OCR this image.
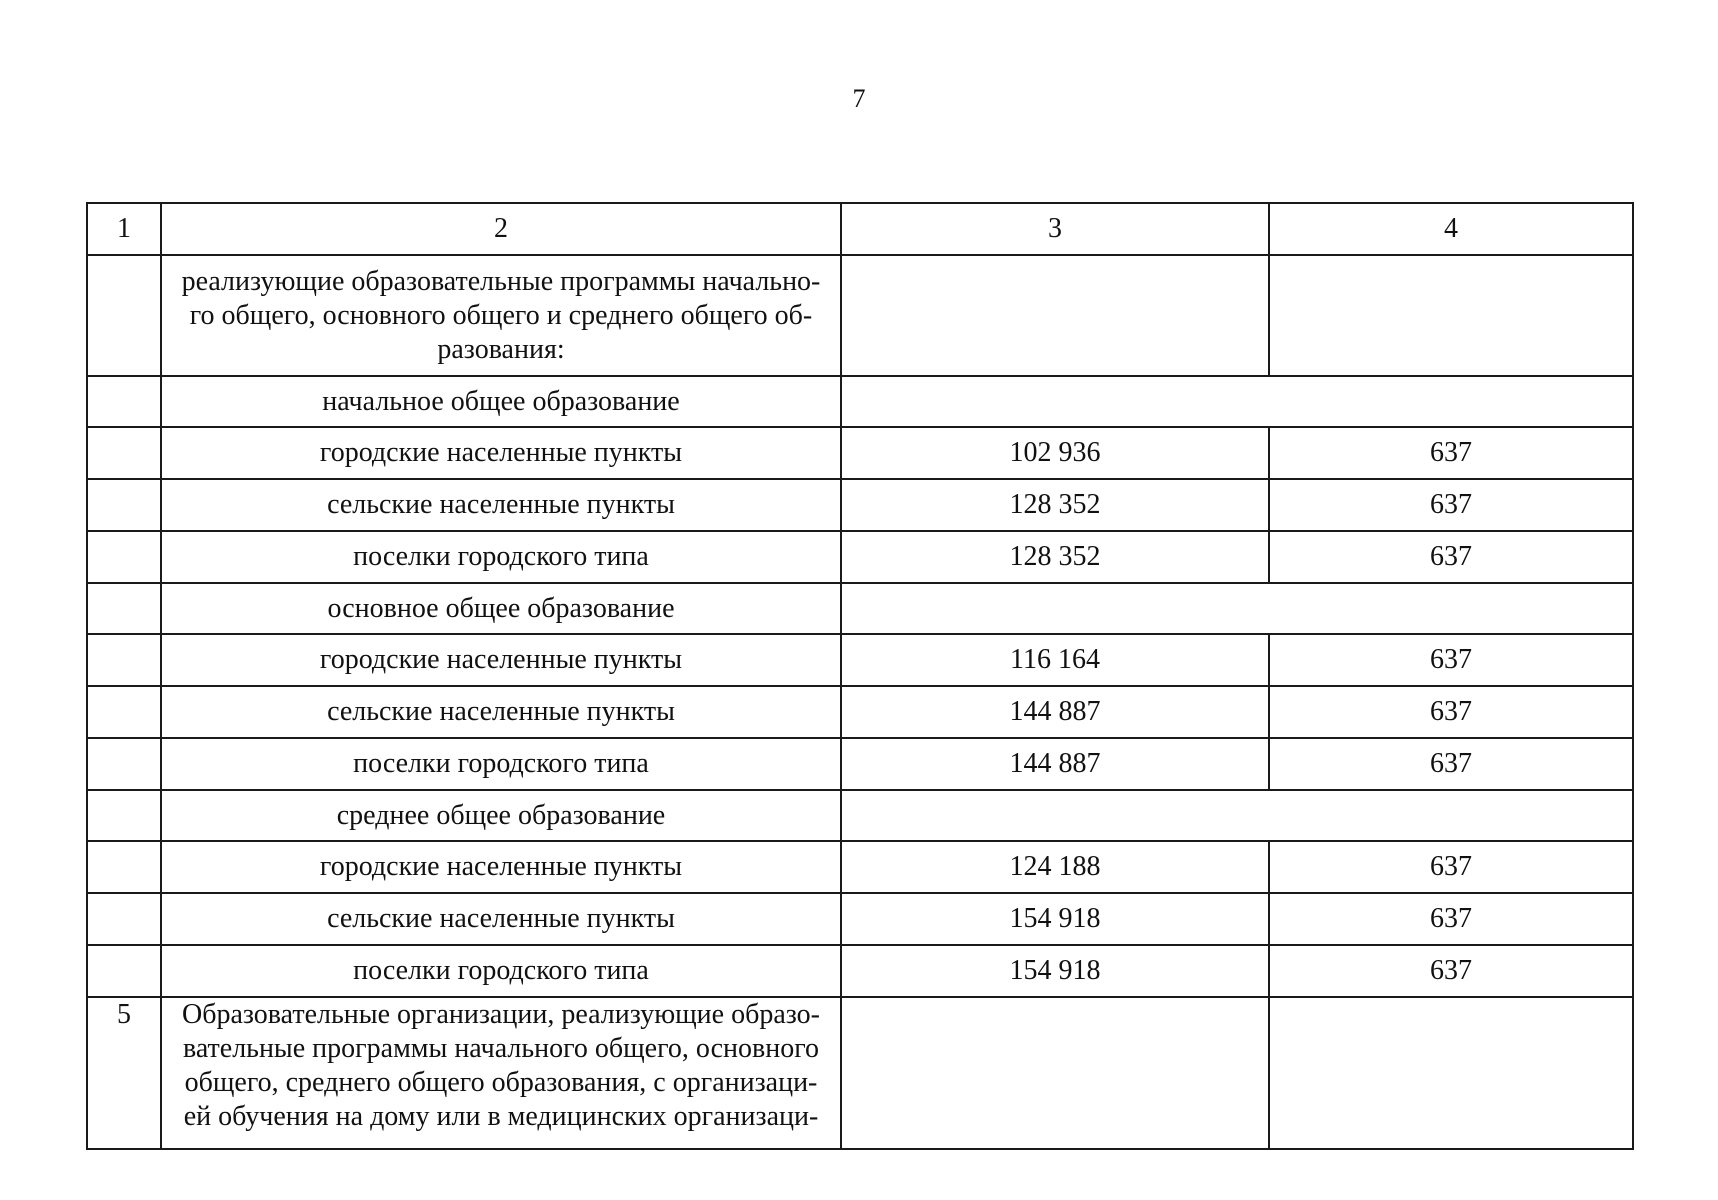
7
1	2	3	4

	реализующие образовательные программы начально-
го общего, основного общего и среднего общего об-
разования:		

	начальное общее образование		
	городские населенные пункты	102 936	637
	сельские населенные пункты	128 352	637
	поселки городского типа	128 352	637
	основное общее образование		
	городские населенные пункты	116 164	637
	сельские населенные пункты	144 887	637
	поселки городского типа	144 887	637
	среднее общее образование		
	городские населенные пункты	124 188	637
	сельские населенные пункты	154 918	637
	поселки городского типа	154 918	637
5	Образовательные организации, реализующие образо-
вательные программы начального общего, основного
общего, среднего общего образования, с организаци-
ей обучения на дому или в медицинских организаци-		
